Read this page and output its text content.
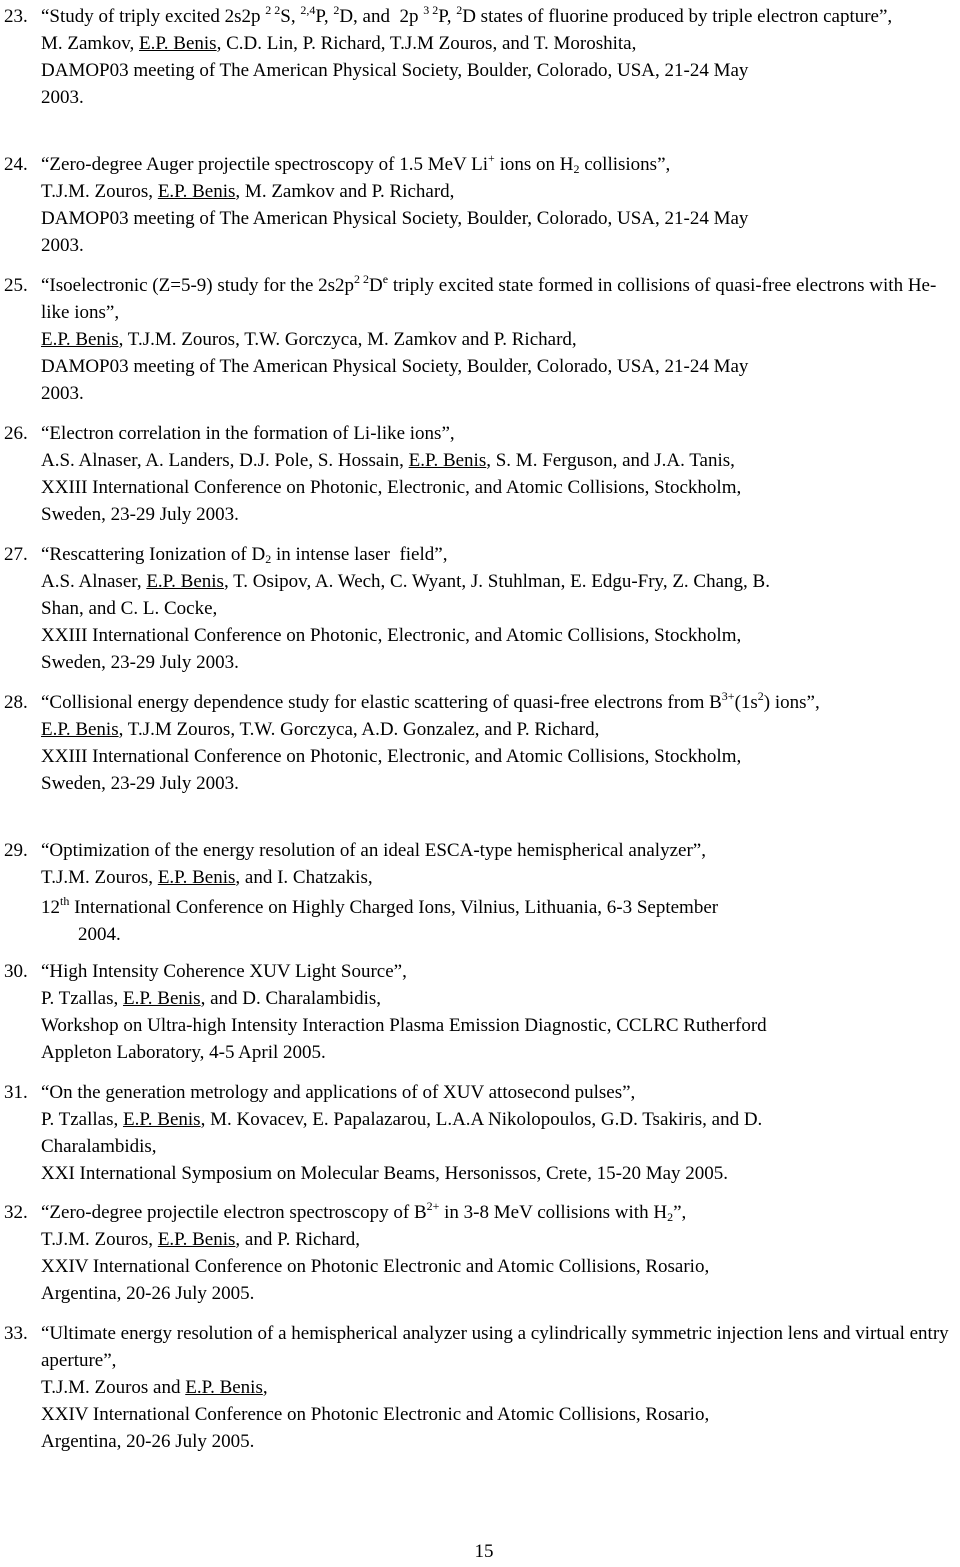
23. “Study of triply excited 2s2p $^{2 2}$S, $^{2,4}$P, $^2$D, and  2p $^{3 2}$P, $^2$D states of fluorine produced by triple electron capture”,
M. Zamkov, E.P. Benis, C.D. Lin, P. Richard, T.J.M Zouros, and T. Moroshita,
DAMOP03 meeting of The American Physical Society, Boulder, Colorado, USA, 21-24 May
2003.
24. “Zero-degree Auger projectile spectroscopy of 1.5 MeV Li+ ions on $H_2$ collisions”,
T.J.M. Zouros, E.P. Benis, M. Zamkov and P. Richard,
DAMOP03 meeting of The American Physical Society, Boulder, Colorado, USA, 21-24 May
2003.
25. “Isoelectronic (Z=5-9) study for the $2s2p^{2 2}De$ triply excited state formed in collisions of quasi-free electrons with He-like ions”,
E.P. Benis, T.J.M. Zouros, T.W. Gorczyca, M. Zamkov and P. Richard,
DAMOP03 meeting of The American Physical Society, Boulder, Colorado, USA, 21-24 May
2003.
26. “Electron correlation in the formation of Li-like ions”,
A.S. Alnaser, A. Landers, D.J. Pole, S. Hossain, E.P. Benis, S. M. Ferguson, and J.A. Tanis,
XXIII International Conference on Photonic, Electronic, and Atomic Collisions, Stockholm,
Sweden, 23-29 July 2003.
27. “Rescattering Ionization of $D_2$ in intense laser  field”,
A.S. Alnaser, E.P. Benis, T. Osipov, A. Wech, C. Wyant, J. Stuhlman, E. Edgu-Fry, Z. Chang, B.
Shan, and C. L. Cocke,
XXIII International Conference on Photonic, Electronic, and Atomic Collisions, Stockholm,
Sweden, 23-29 July 2003.
28. “Collisional energy dependence study for elastic scattering of quasi-free electrons from $B^{3+}(1s^2)$ ions”,
E.P. Benis, T.J.M Zouros, T.W. Gorczyca, A.D. Gonzalez, and P. Richard,
XXIII International Conference on Photonic, Electronic, and Atomic Collisions, Stockholm,
Sweden, 23-29 July 2003.
29. “Optimization of the energy resolution of an ideal ESCA-type hemispherical analyzer”,
T.J.M. Zouros, E.P. Benis, and I. Chatzakis,
12th International Conference on Highly Charged Ions, Vilnius, Lithuania, 6-3 September
2004.
30. “High Intensity Coherence XUV Light Source”,
P. Tzallas, E.P. Benis, and D. Charalambidis,
Workshop on Ultra-high Intensity Interaction Plasma Emission Diagnostic, CCLRC Rutherford
Appleton Laboratory, 4-5 April 2005.
31. “On the generation metrology and applications of of XUV attosecond pulses”,
P. Tzallas, E.P. Benis, M. Kovacev, E. Papalazarou, L.A.A Nikolopoulos, G.D. Tsakiris, and D.
Charalambidis,
XXI International Symposium on Molecular Beams, Hersonissos, Crete, 15-20 May 2005.
32. “Zero-degree projectile electron spectroscopy of $B^{2+}$ in 3-8 MeV collisions with $H_2$”,
T.J.M. Zouros, E.P. Benis, and P. Richard,
XXIV International Conference on Photonic Electronic and Atomic Collisions, Rosario,
Argentina, 20-26 July 2005.
33. “Ultimate energy resolution of a hemispherical analyzer using a cylindrically symmetric injection lens and virtual entry aperture”,
T.J.M. Zouros and E.P. Benis,
XXIV International Conference on Photonic Electronic and Atomic Collisions, Rosario,
Argentina, 20-26 July 2005.
15
